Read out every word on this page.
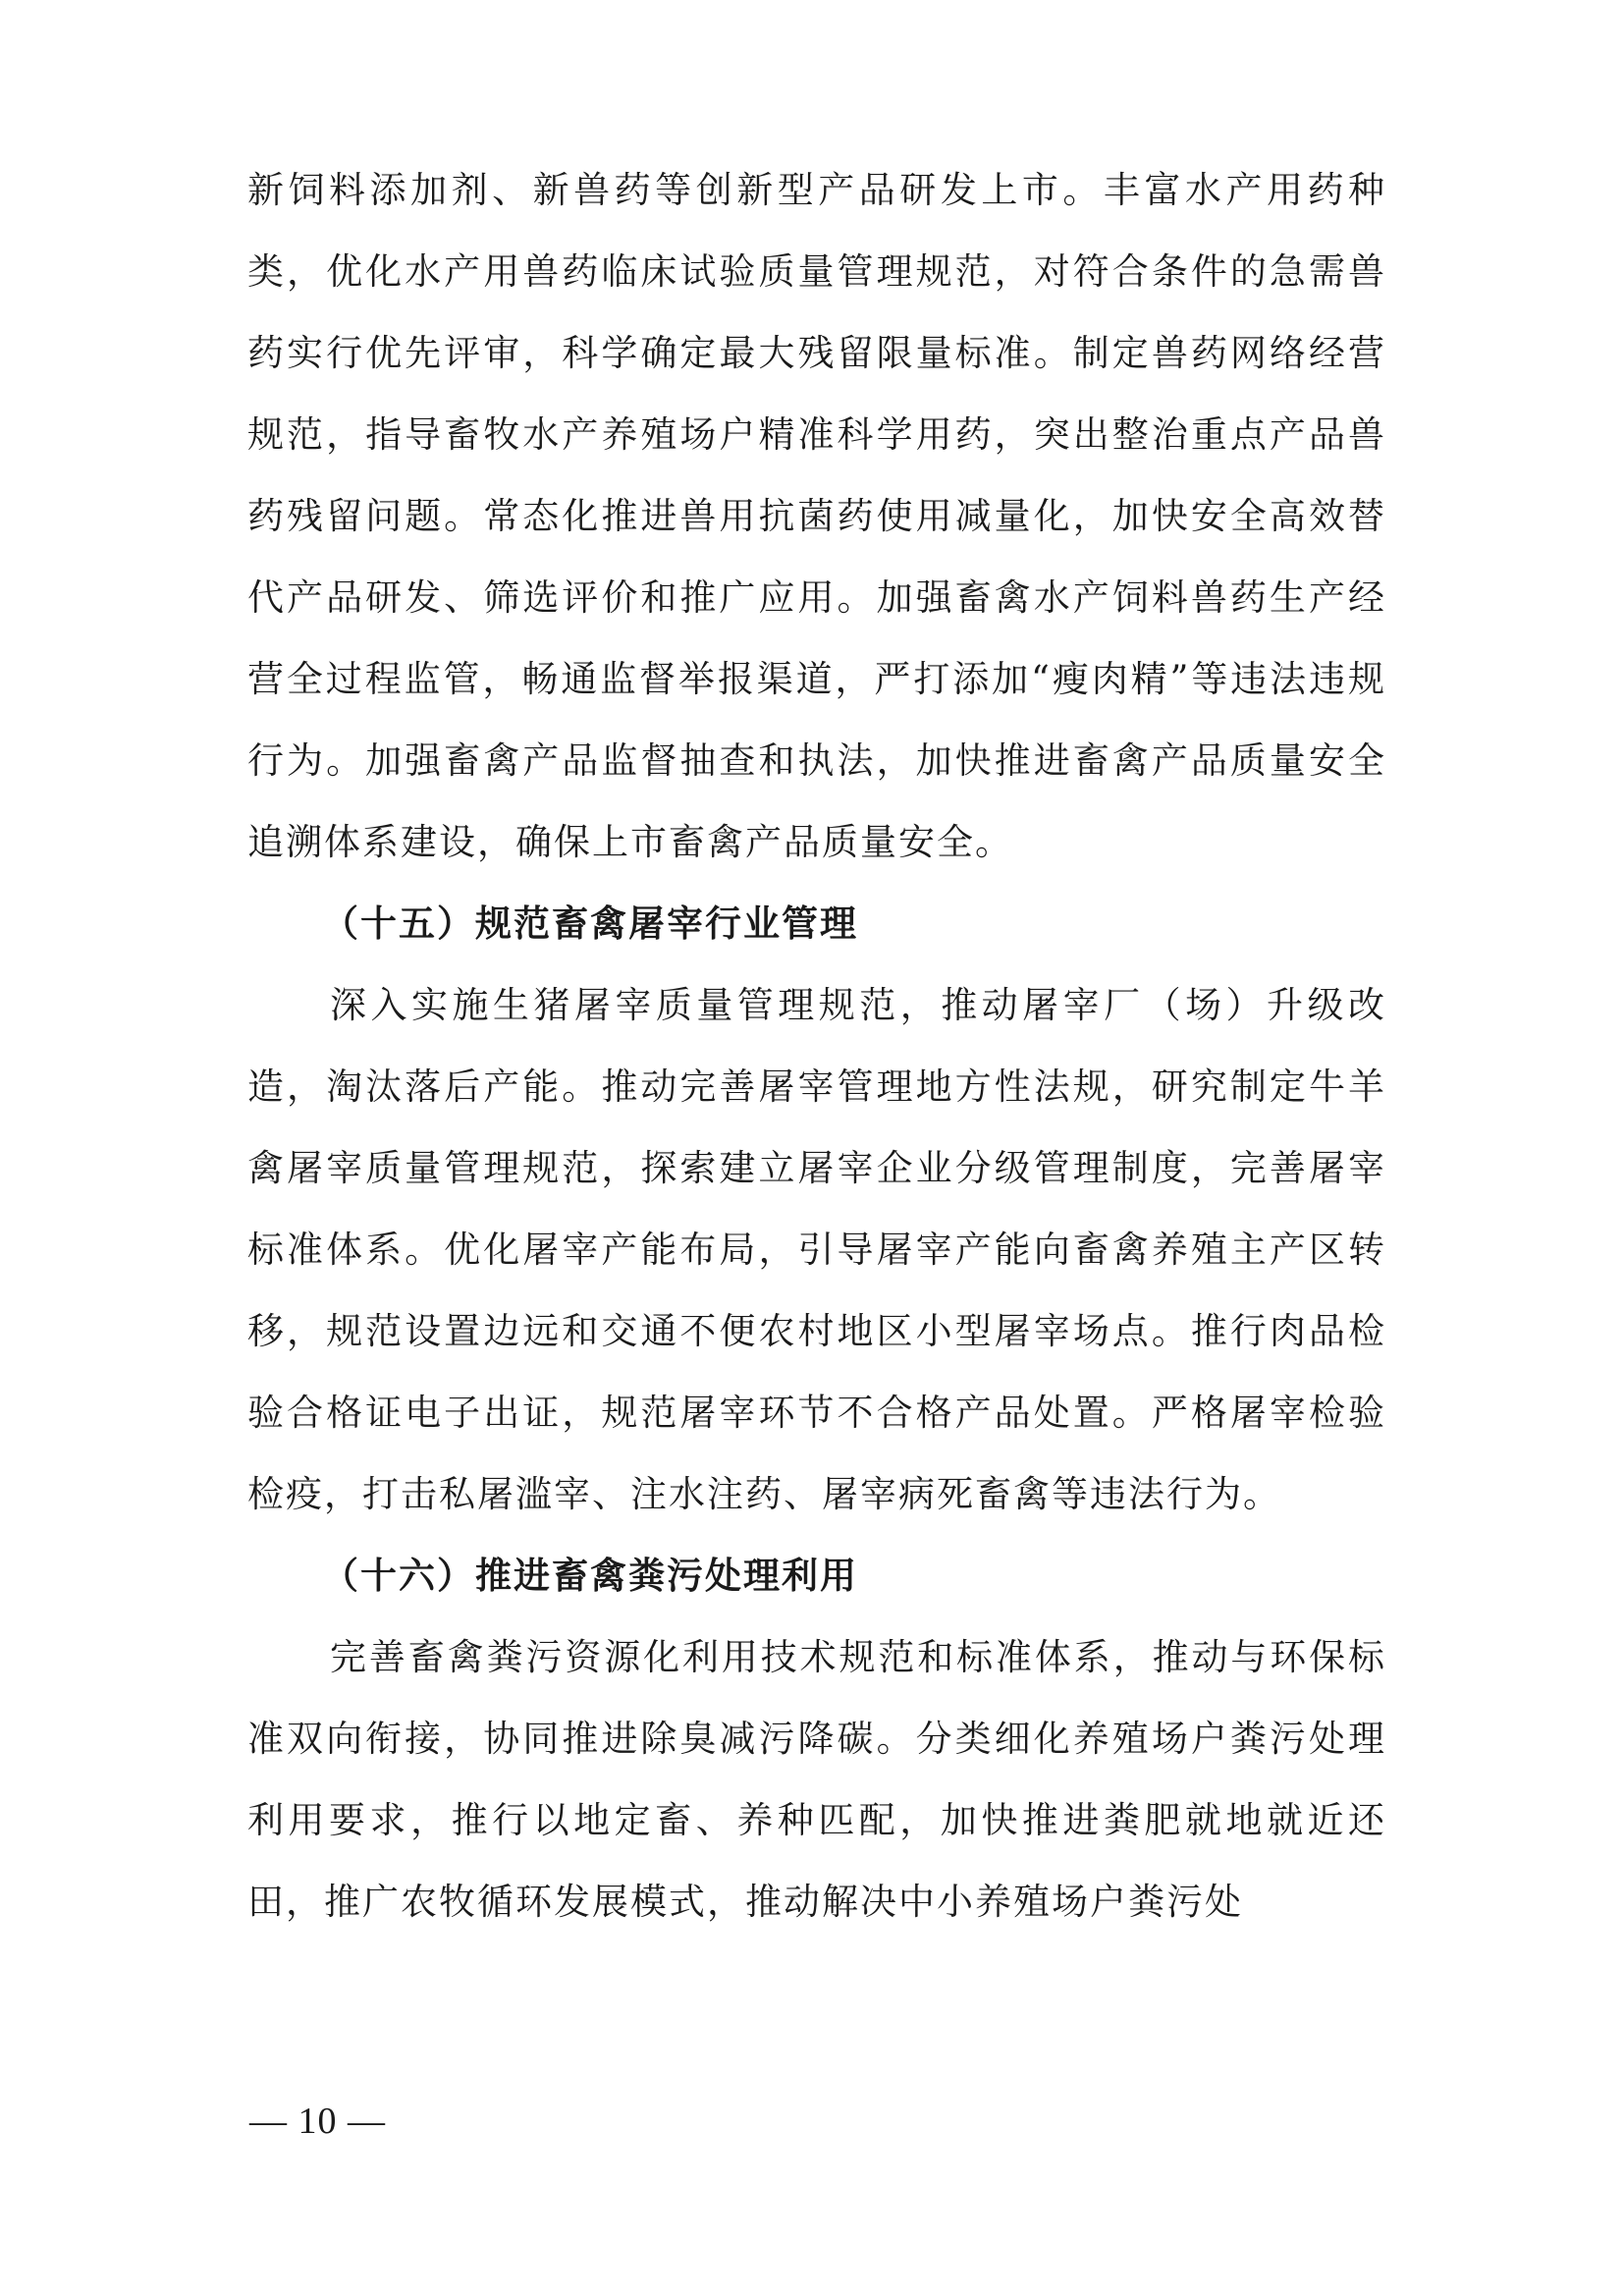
新饲料添加剂、新兽药等创新型产品研发上市。丰富水产用药种类，优化水产用兽药临床试验质量管理规范，对符合条件的急需兽药实行优先评审，科学确定最大残留限量标准。制定兽药网络经营规范，指导畜牧水产养殖场户精准科学用药，突出整治重点产品兽药残留问题。常态化推进兽用抗菌药使用减量化，加快安全高效替代产品研发、筛选评价和推广应用。加强畜禽水产饲料兽药生产经营全过程监管，畅通监督举报渠道，严打添加“瘦肉精”等违法违规行为。加强畜禽产品监督抽查和执法，加快推进畜禽产品质量安全追溯体系建设，确保上市畜禽产品质量安全。

（十五）规范畜禽屠宰行业管理

深入实施生猪屠宰质量管理规范，推动屠宰厂（场）升级改造，淘汰落后产能。推动完善屠宰管理地方性法规，研究制定牛羊禽屠宰质量管理规范，探索建立屠宰企业分级管理制度，完善屠宰标准体系。优化屠宰产能布局，引导屠宰产能向畜禽养殖主产区转移，规范设置边远和交通不便农村地区小型屠宰场点。推行肉品检验合格证电子出证，规范屠宰环节不合格产品处置。严格屠宰检验检疫，打击私屠滥宰、注水注药、屠宰病死畜禽等违法行为。

（十六）推进畜禽粪污处理利用

完善畜禽粪污资源化利用技术规范和标准体系，推动与环保标准双向衔接，协同推进除臭减污降碳。分类细化养殖场户粪污处理利用要求，推行以地定畜、养种匹配，加快推进粪肥就地就近还田，推广农牧循环发展模式，推动解决中小养殖场户粪污处

— 10 —
